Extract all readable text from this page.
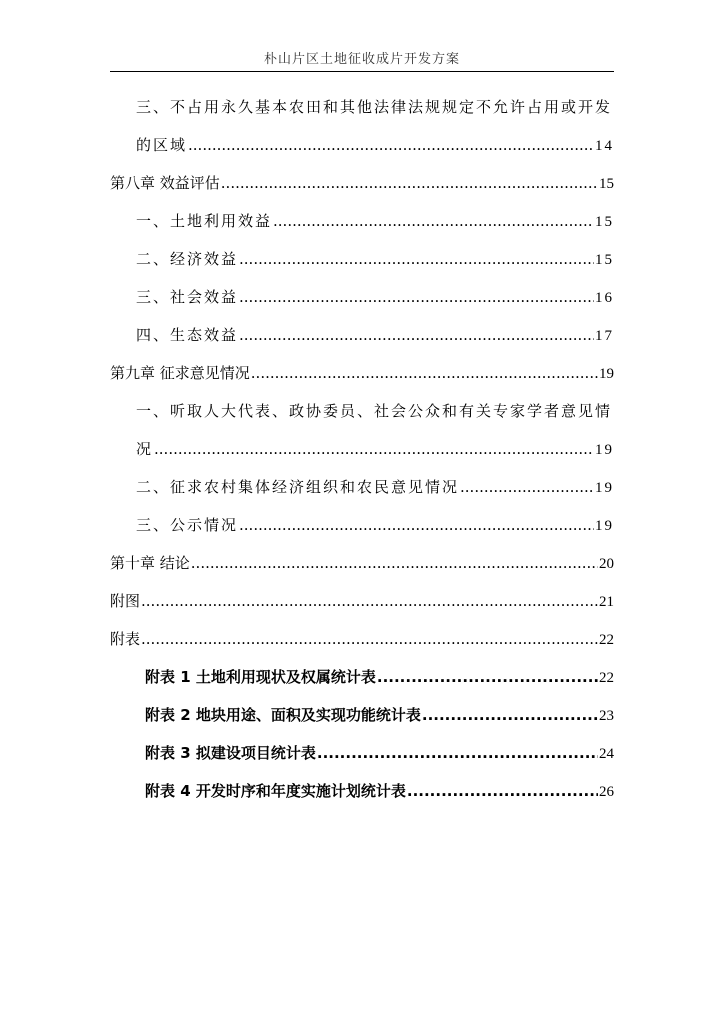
朴山片区土地征收成片开发方案
三、不占用永久基本农田和其他法律法规规定不允许占用或开发
的区域 .....	14
第八章 效益评估 .....	15
一、土地利用效益 .....	15
二、经济效益 .....	15
三、社会效益 .....	16
四、生态效益 .....	17
第九章 征求意见情况 .....	19
一、听取人大代表、政协委员、社会公众和有关专家学者意见情
况 .....	19
二、征求农村集体经济组织和农民意见情况 .....	19
三、公示情况 .....	19
第十章 结论 .....	20
附图 .....	21
附表 .....	22
附表 1 土地利用现状及权属统计表 .....	22
附表 2 地块用途、面积及实现功能统计表 .....	23
附表 3 拟建设项目统计表 .....	24
附表 4 开发时序和年度实施计划统计表 .....	26
